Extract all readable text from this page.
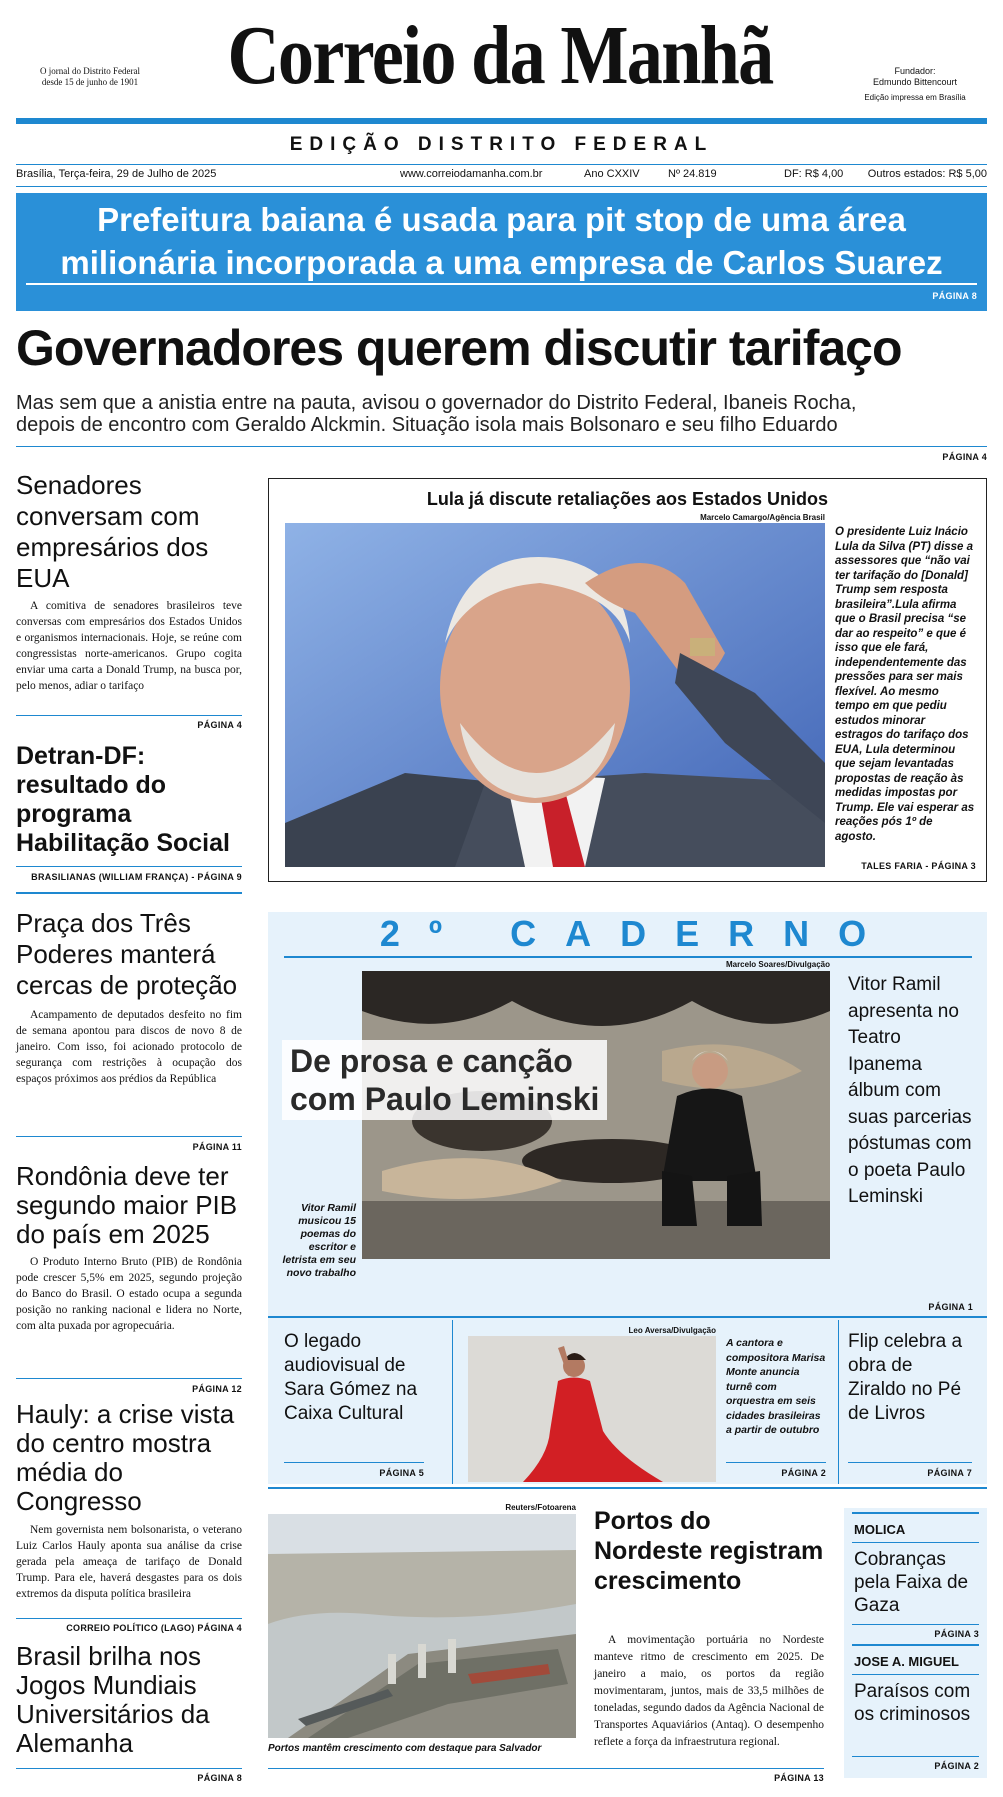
O jornal do Distrito Federal
desde 15 de junho de 1901 Correio da Manhã	Fundador:
Edmundo Bittencourt
Edição impressa em Brasília
EDIÇÃO DISTRITO FEDERAL
Brasília, Terça-feira, 29 de Julho de 2025	www.correiodamanha.com.br	Ano CXXIV	Nº 24.819	DF: R$ 4,00 Outros estados: R$ 5,00
Prefeitura baiana é usada para pit stop de uma área
milionária incorporada a uma empresa de Carlos Suarez
PÁGINA 8
Governadores querem discutir tarifaço
Mas sem que a anistia entre na pauta, avisou o governador do Distrito Federal, Ibaneis Rocha,
depois de encontro com Geraldo Alckmin. Situação isola mais Bolsonaro e seu filho Eduardo
PÁGINA 4
Senadores conversam com empresários dos EUA
A comitiva de senadores brasileiros teve conversas com empresários dos Estados Unidos e organismos internacionais. Hoje, se reúne com congressistas norte-americanos. Grupo cogita enviar uma carta a Donald Trump, na busca por, pelo menos, adiar o tarifaço
PÁGINA 4
Detran-DF: resultado do programa Habilitação Social
BRASILIANAS (WILLIAM FRANÇA) - PÁGINA 9
Praça dos Três Poderes manterá cercas de proteção
Acampamento de deputados desfeito no fim de semana apontou para discos de novo 8 de janeiro. Com isso, foi acionado protocolo de segurança com restrições à ocupação dos espaços próximos aos prédios da República
PÁGINA 11
Rondônia deve ter segundo maior PIB do país em 2025
O Produto Interno Bruto (PIB) de Rondônia pode crescer 5,5% em 2025, segundo projeção do Banco do Brasil. O estado ocupa a segunda posição no ranking nacional e lidera no Norte, com alta puxada por agropecuária.
PÁGINA 12
Hauly: a crise vista do centro mostra média do Congresso
Nem governista nem bolsonarista, o veterano Luiz Carlos Hauly aponta sua análise da crise gerada pela ameaça de tarifaço de Donald Trump. Para ele, haverá desgastes para os dois extremos da disputa política brasileira
CORREIO POLÍTICO (LAGO) PÁGINA 4
Brasil brilha nos Jogos Mundiais Universitários da Alemanha
PÁGINA 8
Lula já discute retaliações aos Estados Unidos
Marcelo Camargo/Agência Brasil
O presidente Luiz Inácio Lula da Silva (PT) disse a assessores que “não vai ter tarifação do [Donald] Trump sem resposta brasileira”.Lula afirma que o Brasil precisa “se dar ao respeito” e que é isso que ele fará, independentemente das pressões para ser mais flexível. Ao mesmo tempo em que pediu estudos minorar estragos do tarifaço dos EUA, Lula determinou que sejam levantadas propostas de reação às medidas impostas por Trump. Ele vai esperar as reações pós 1º de agosto.
TALES FARIA - PÁGINA 3
2º CADERNO
Marcelo Soares/Divulgação
De prosa e canção
com Paulo Leminski
Vitor Ramil musicou 15 poemas do escritor e letrista em seu novo trabalho
Vitor Ramil apresenta no Teatro Ipanema álbum com suas parcerias póstumas com o poeta Paulo Leminski
PÁGINA 1
O legado audiovisual de Sara Gómez na Caixa Cultural
PÁGINA 5
Leo Aversa/Divulgação
A cantora e compositora Marisa Monte anuncia turnê com orquestra em seis cidades brasileiras a partir de outubro
PÁGINA 2
Flip celebra a obra de Ziraldo no Pé de Livros
PÁGINA 7
Reuters/Fotoarena
Portos mantêm crescimento com destaque para Salvador
Portos do Nordeste registram crescimento
A movimentação portuária no Nordeste manteve ritmo de crescimento em 2025. De janeiro a maio, os portos da região movimentaram, juntos, mais de 33,5 milhões de toneladas, segundo dados da Agência Nacional de Transportes Aquaviários (Antaq). O desempenho reflete a força da infraestrutura regional.
PÁGINA 13
MOLICA
Cobranças pela Faixa de Gaza
PÁGINA 3
JOSE A. MIGUEL
Paraísos com os criminosos
PÁGINA 2
